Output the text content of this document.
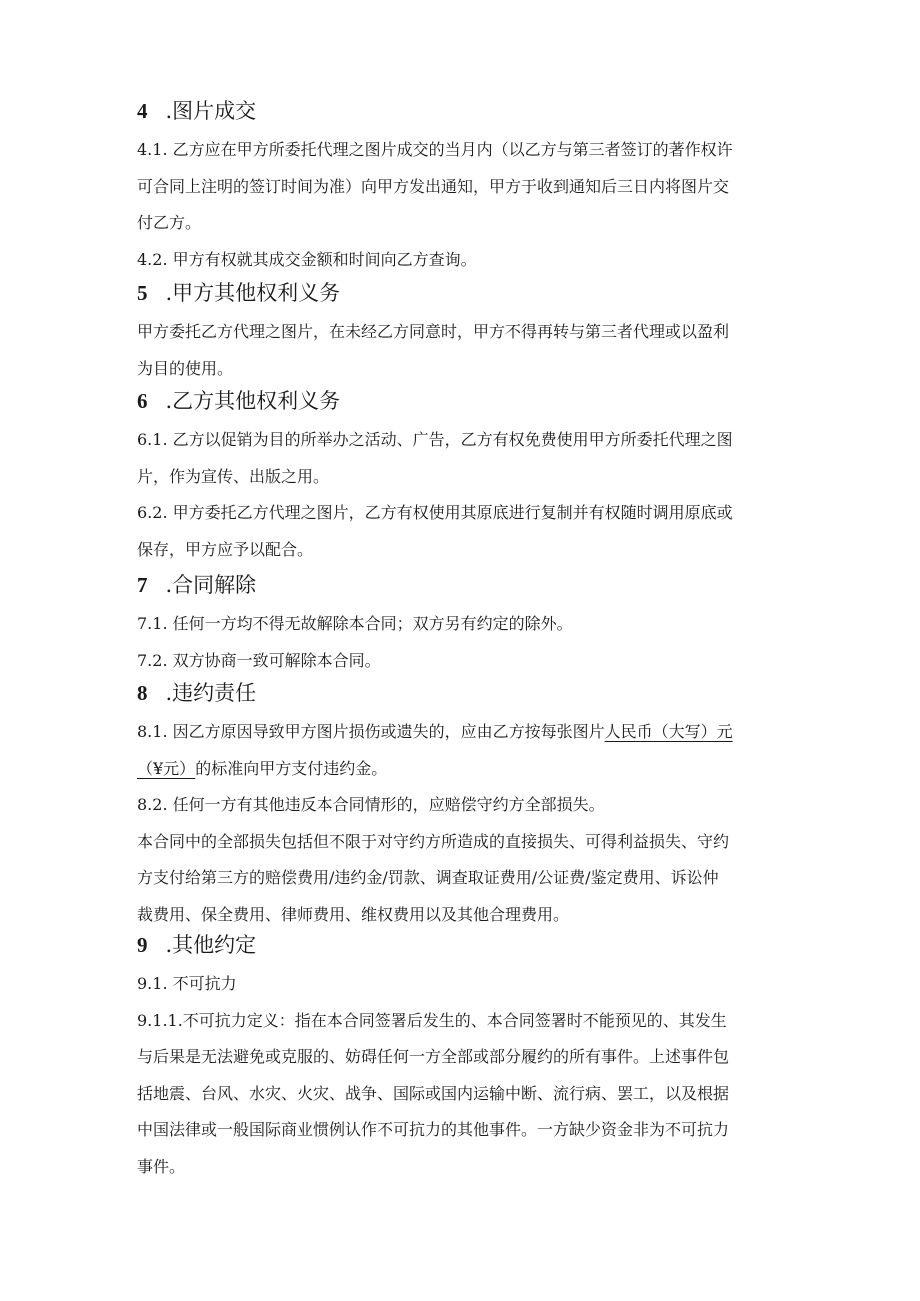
4 .图片成交
4.1. 乙方应在甲方所委托代理之图片成交的当月内（以乙方与第三者签订的著作权许
可合同上注明的签订时间为准）向甲方发出通知，甲方于收到通知后三日内将图片交
付乙方。
4.2. 甲方有权就其成交金额和时间向乙方查询。
5 .甲方其他权利义务
甲方委托乙方代理之图片，在未经乙方同意时，甲方不得再转与第三者代理或以盈利
为目的使用。
6 .乙方其他权利义务
6.1. 乙方以促销为目的所举办之活动、广告，乙方有权免费使用甲方所委托代理之图
片，作为宣传、出版之用。
6.2. 甲方委托乙方代理之图片，乙方有权使用其原底进行复制并有权随时调用原底或
保存，甲方应予以配合。
7 .合同解除
7.1. 任何一方均不得无故解除本合同；双方另有约定的除外。
7.2. 双方协商一致可解除本合同。
8 .违约责任
8.1. 因乙方原因导致甲方图片损伤或遗失的，应由乙方按每张图片人民币（大写）元
（¥元）的标准向甲方支付违约金。
8.2. 任何一方有其他违反本合同情形的，应赔偿守约方全部损失。
本合同中的全部损失包括但不限于对守约方所造成的直接损失、可得利益损失、守约
方支付给第三方的赔偿费用/违约金/罚款、调查取证费用/公证费/鉴定费用、诉讼仲
裁费用、保全费用、律师费用、维权费用以及其他合理费用。
9 .其他约定
9.1. 不可抗力
9.1.1.不可抗力定义：指在本合同签署后发生的、本合同签署时不能预见的、其发生
与后果是无法避免或克服的、妨碍任何一方全部或部分履约的所有事件。上述事件包
括地震、台风、水灾、火灾、战争、国际或国内运输中断、流行病、罢工，以及根据
中国法律或一般国际商业惯例认作不可抗力的其他事件。一方缺少资金非为不可抗力
事件。
